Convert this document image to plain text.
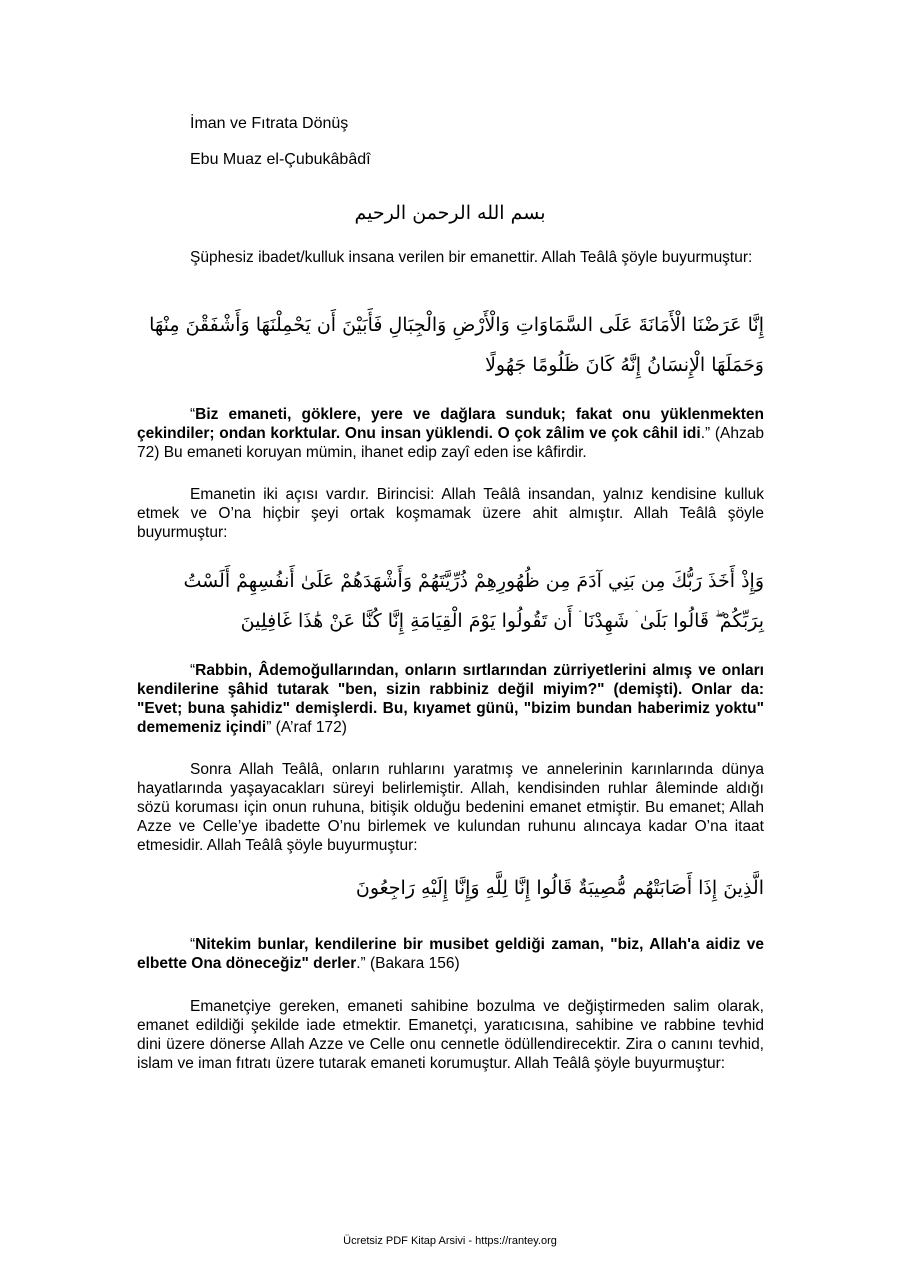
İman ve Fıtrata Dönüş
Ebu Muaz el-Çubukâbâdî
بسم الله الرحمن الرحيم

Şüphesiz ibadet/kulluk insana verilen bir emanettir. Allah Teâlâ şöyle buyurmuştur:

إِنَّا عَرَضْنَا الْأَمَانَةَ عَلَى السَّمَاوَاتِ وَالْأَرْضِ وَالْجِبَالِ فَأَبَيْنَ أَن يَحْمِلْنَهَا وَأَشْفَقْنَ مِنْهَا وَحَمَلَهَا الْإِنسَانُ إِنَّهُ كَانَ ظَلُومًا جَهُولًا

“Biz emaneti, göklere, yere ve dağlara sunduk; fakat onu yüklenmekten çekindiler; ondan korktular. Onu insan yüklendi. O çok zâlim ve çok câhil idi.” (Ahzab 72) Bu emaneti koruyan mümin, ihanet edip zayî eden ise kâfirdir.

Emanetin iki açısı vardır. Birincisi: Allah Teâlâ insandan, yalnız kendisine kulluk etmek ve O’na hiçbir şeyi ortak koşmamak üzere ahit almıştır. Allah Teâlâ şöyle buyurmuştur:

وَإِذْ أَخَذَ رَبُّكَ مِن بَنِي آدَمَ مِن ظُهُورِهِمْ ذُرِّيَّتَهُمْ وَأَشْهَدَهُمْ عَلَىٰ أَنفُسِهِمْ أَلَسْتُ بِرَبِّكُمْ ۖ قَالُوا بَلَىٰ ۛ شَهِدْنَا ۛ أَن تَقُولُوا يَوْمَ الْقِيَامَةِ إِنَّا كُنَّا عَنْ هَٰذَا غَافِلِينَ

“Rabbin, Âdemoğullarından, onların sırtlarından zürriyetlerini almış ve onları kendilerine şâhid tutarak "ben, sizin rabbiniz değil miyim?" (demişti). Onlar da: "Evet; buna şahidiz" demişlerdi. Bu, kıyamet günü, "bizim bundan haberimiz yoktu" dememeniz içindi” (A’raf 172)

Sonra Allah Teâlâ, onların ruhlarını yaratmış ve annelerinin karınlarında dünya hayatlarında yaşayacakları süreyi belirlemiştir. Allah, kendisinden ruhlar âleminde aldığı sözü koruması için onun ruhuna, bitişik olduğu bedenini emanet etmiştir. Bu emanet; Allah Azze ve Celle’ye ibadette O’nu birlemek ve kulundan ruhunu alıncaya kadar O’na itaat etmesidir. Allah Teâlâ şöyle buyurmuştur:

الَّذِينَ إِذَا أَصَابَتْهُم مُّصِيبَةٌ قَالُوا إِنَّا لِلَّهِ وَإِنَّا إِلَيْهِ رَاجِعُونَ

“Nitekim bunlar, kendilerine bir musibet geldiği zaman, "biz, Allah'a aidiz ve elbette Ona döneceğiz" derler.” (Bakara 156)

Emanetçiye gereken, emaneti sahibine bozulma ve değiştirmeden salim olarak, emanet edildiği şekilde iade etmektir. Emanetçi, yaratıcısına, sahibine ve rabbine tevhid dini üzere dönerse Allah Azze ve Celle onu cennetle ödüllendirecektir. Zira o canını tevhid, islam ve iman fıtratı üzere tutarak emaneti korumuştur. Allah Teâlâ şöyle buyurmuştur:

Ücretsiz PDF Kitap Arsivi - https://rantey.org
